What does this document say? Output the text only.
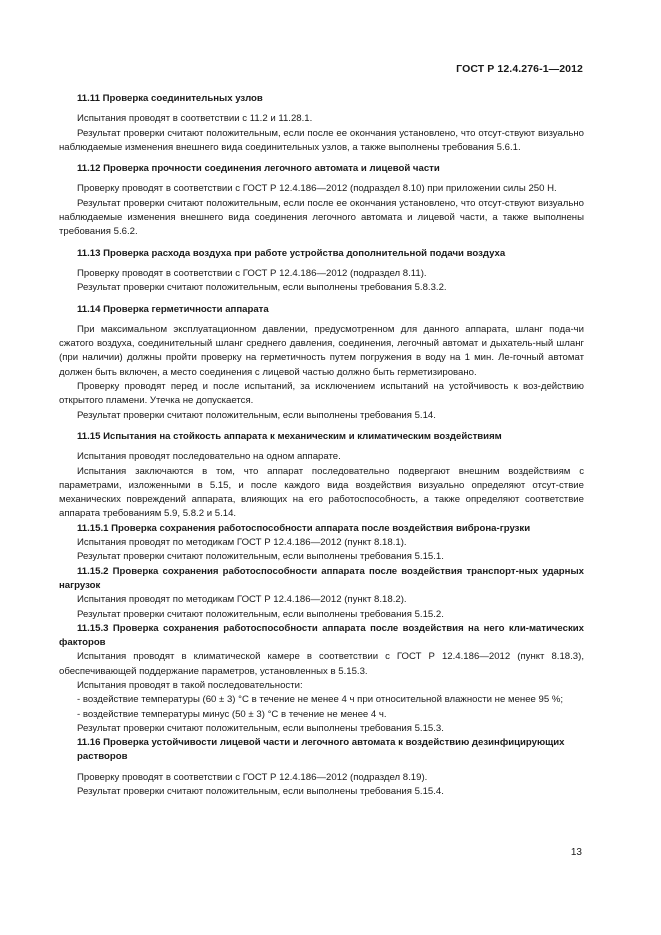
ГОСТ Р 12.4.276-1—2012
11.11 Проверка соединительных узлов
Испытания проводят в соответствии с 11.2 и 11.28.1.
Результат проверки считают положительным, если после ее окончания установлено, что отсут-ствуют визуально наблюдаемые изменения внешнего вида соединительных узлов, а также выполнены требования 5.6.1.
11.12 Проверка прочности соединения легочного автомата и лицевой части
Проверку проводят в соответствии с ГОСТ Р 12.4.186—2012 (подраздел 8.10) при приложении силы 250 Н.
Результат проверки считают положительным, если после ее окончания установлено, что отсут-ствуют визуально наблюдаемые изменения внешнего вида соединения легочного автомата и лицевой части, а также выполнены требования 5.6.2.
11.13 Проверка расхода воздуха при работе устройства дополнительной подачи воздуха
Проверку проводят в соответствии с ГОСТ Р 12.4.186—2012 (подраздел 8.11).
Результат проверки считают положительным, если выполнены требования 5.8.3.2.
11.14 Проверка герметичности аппарата
При максимальном эксплуатационном давлении, предусмотренном для данного аппарата, шланг пода-чи сжатого воздуха, соединительный шланг среднего давления, соединения, легочный автомат и дыхатель-ный шланг (при наличии) должны пройти проверку на герметичность путем погружения в воду на 1 мин. Ле-гочный автомат должен быть включен, а место соединения с лицевой частью должно быть герметизировано.
Проверку проводят перед и после испытаний, за исключением испытаний на устойчивость к воз-действию открытого пламени. Утечка не допускается.
Результат проверки считают положительным, если выполнены требования 5.14.
11.15 Испытания на стойкость аппарата к механическим и климатическим воздействиям
Испытания проводят последовательно на одном аппарате.
Испытания заключаются в том, что аппарат последовательно подвергают внешним воздействиям с параметрами, изложенными в 5.15, и после каждого вида воздействия визуально определяют отсут-ствие механических повреждений аппарата, влияющих на его работоспособность, а также определяют соответствие аппарата требованиям 5.9, 5.8.2 и 5.14.
11.15.1 Проверка сохранения работоспособности аппарата после воздействия виброна-грузки
Испытания проводят по методикам ГОСТ Р 12.4.186—2012 (пункт 8.18.1).
Результат проверки считают положительным, если выполнены требования 5.15.1.
11.15.2 Проверка сохранения работоспособности аппарата после воздействия транспорт-ных ударных нагрузок
Испытания проводят по методикам ГОСТ Р 12.4.186—2012 (пункт 8.18.2).
Результат проверки считают положительным, если выполнены требования 5.15.2.
11.15.3 Проверка сохранения работоспособности аппарата после воздействия на него кли-матических факторов
Испытания проводят в климатической камере в соответствии с ГОСТ Р 12.4.186—2012 (пункт 8.18.3), обеспечивающей поддержание параметров, установленных в 5.15.3.
Испытания проводят в такой последовательности:
- воздействие температуры (60 ± 3) °С в течение не менее 4 ч при относительной влажности не менее 95 %;
- воздействие температуры минус (50 ± 3) °С в течение не менее 4 ч.
Результат проверки считают положительным, если выполнены требования 5.15.3.
11.16 Проверка устойчивости лицевой части и легочного автомата к воздействию дезинфицирующих растворов
Проверку проводят в соответствии с ГОСТ Р 12.4.186—2012 (подраздел 8.19).
Результат проверки считают положительным, если выполнены требования 5.15.4.
13
